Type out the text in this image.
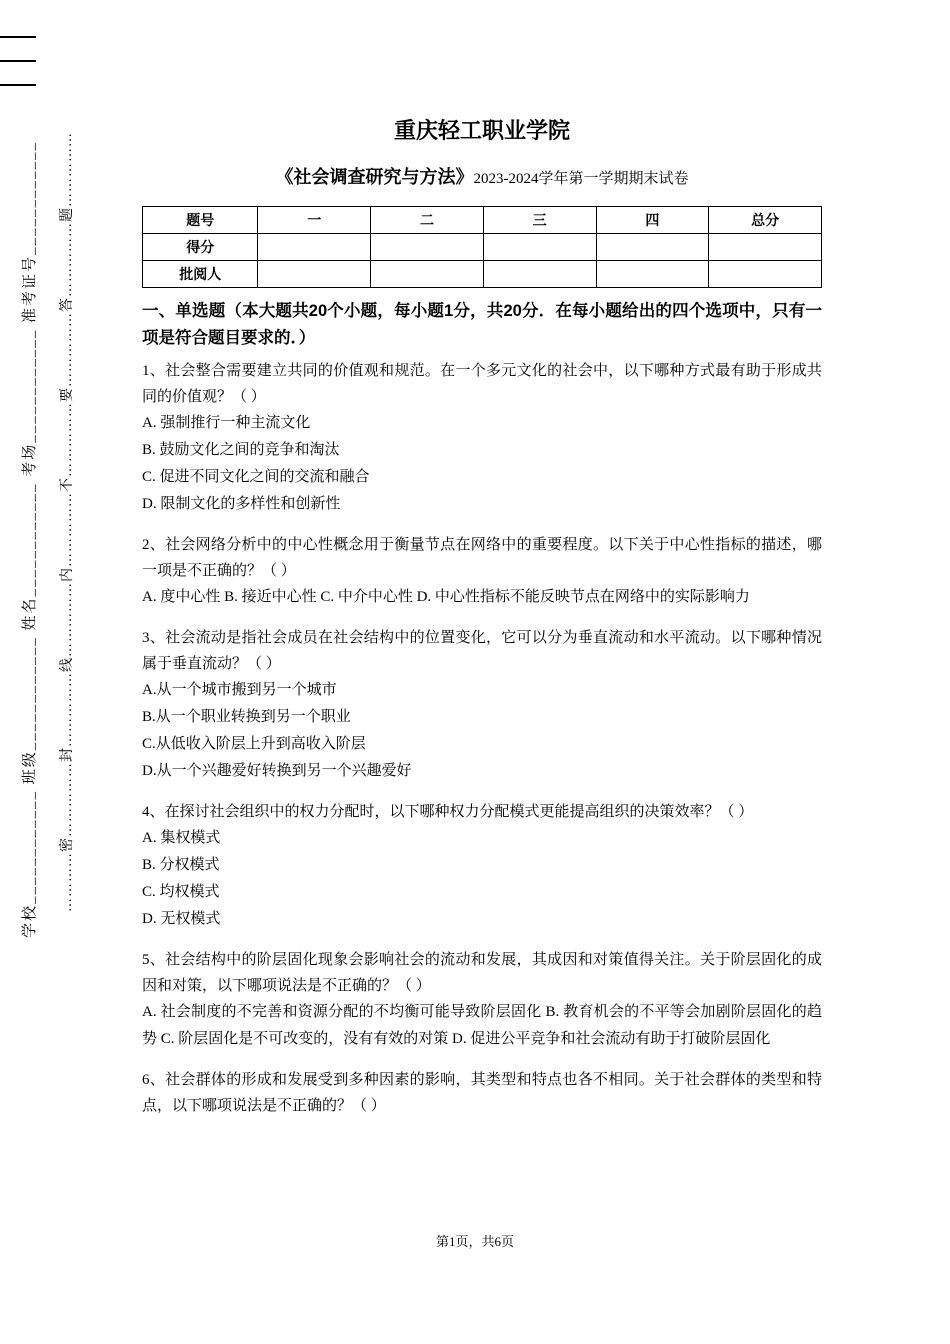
学校____________ 班级____________ 姓名____________ 考场____________ 准考证号____________ …………密……………封……………线……………内……………不……………要……………答……………题……………
重庆轻工职业学院
《社会调查研究与方法》2023-2024学年第一学期期末试卷
题号	一	二	三	四	总分
得分					
批阅人					

一、单选题（本大题共20个小题，每小题1分，共20分．在每小题给出的四个选项中，只有一项是符合题目要求的．）

1、社会整合需要建立共同的价值观和规范。在一个多元文化的社会中，以下哪种方式最有助于形成共同的价值观？（ ）

A. 强制推行一种主流文化

B. 鼓励文化之间的竞争和淘汰

C. 促进不同文化之间的交流和融合

D. 限制文化的多样性和创新性

2、社会网络分析中的中心性概念用于衡量节点在网络中的重要程度。以下关于中心性指标的描述，哪一项是不正确的？（ ）

A. 度中心性 B. 接近中心性 C. 中介中心性 D. 中心性指标不能反映节点在网络中的实际影响力

3、社会流动是指社会成员在社会结构中的位置变化，它可以分为垂直流动和水平流动。以下哪种情况属于垂直流动？（ ）

A.从一个城市搬到另一个城市

B.从一个职业转换到另一个职业

C.从低收入阶层上升到高收入阶层

D.从一个兴趣爱好转换到另一个兴趣爱好

4、在探讨社会组织中的权力分配时，以下哪种权力分配模式更能提高组织的决策效率？（ ）

A. 集权模式

B. 分权模式

C. 均权模式

D. 无权模式

5、社会结构中的阶层固化现象会影响社会的流动和发展，其成因和对策值得关注。关于阶层固化的成因和对策，以下哪项说法是不正确的？（ ）

A. 社会制度的不完善和资源分配的不均衡可能导致阶层固化 B. 教育机会的不平等会加剧阶层固化的趋势 C. 阶层固化是不可改变的，没有有效的对策 D. 促进公平竞争和社会流动有助于打破阶层固化

6、社会群体的形成和发展受到多种因素的影响，其类型和特点也各不相同。关于社会群体的类型和特点，以下哪项说法是不正确的？（ ）

第1页，共6页
